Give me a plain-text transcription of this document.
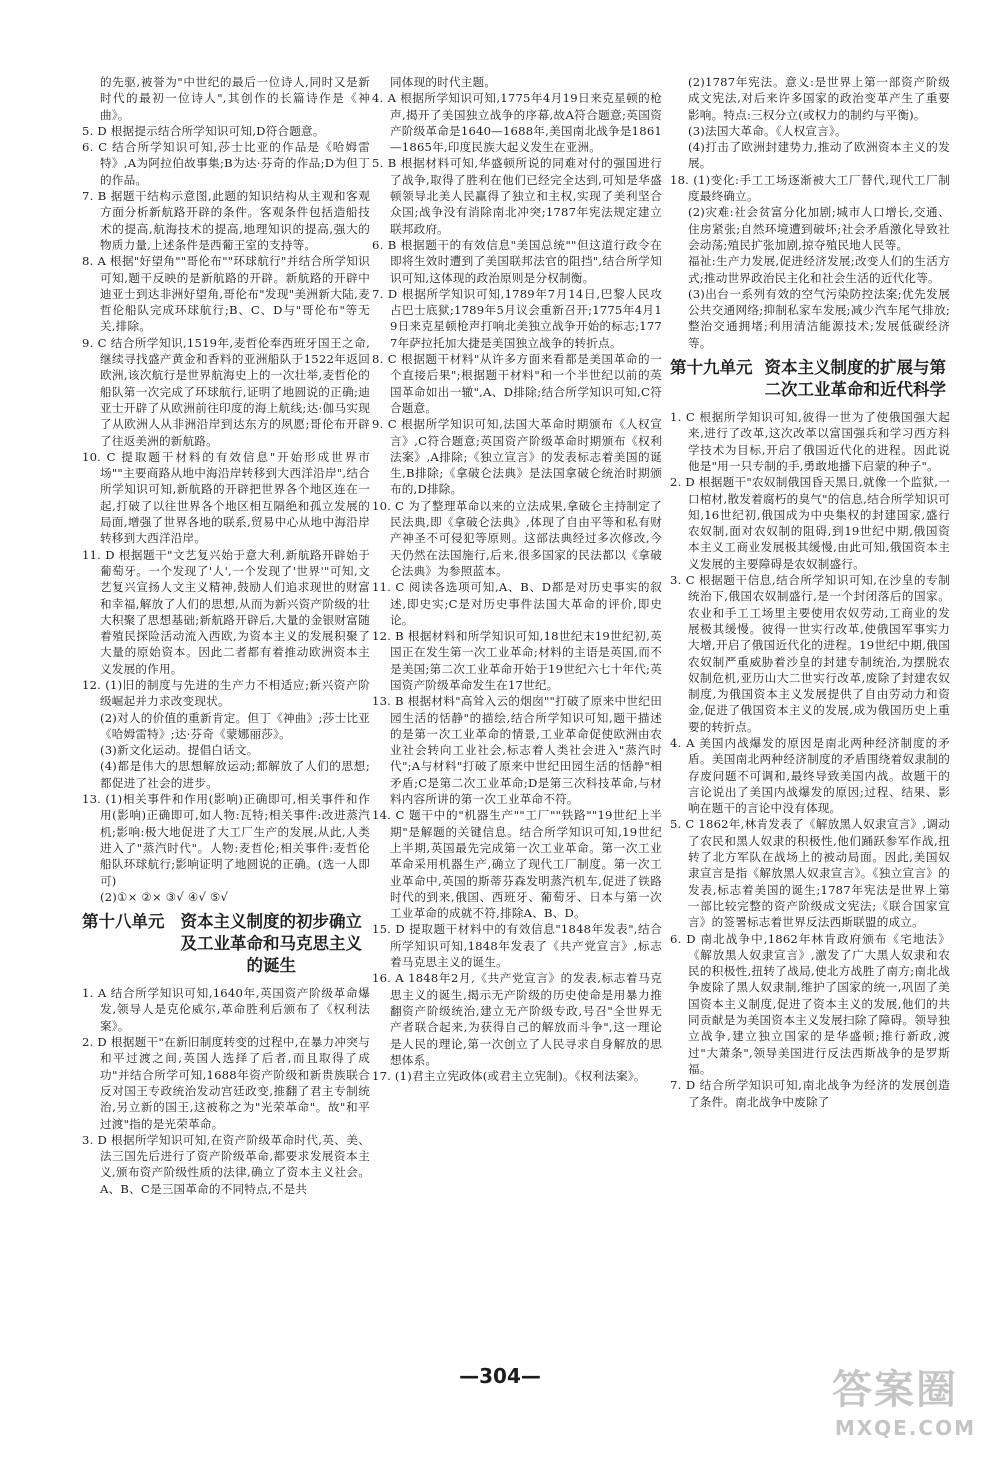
的先驱,被誉为"中世纪的最后一位诗人,同时又是新时代的最初一位诗人",其创作的长篇诗作是《神曲》。

5. D 根据提示结合所学知识可知,D符合题意。

6. C 结合所学知识可知,莎士比亚的作品是《哈姆雷特》,A为阿拉伯故事集;B为达·芬奇的作品;D为但丁的作品。

7. B 据题干结构示意图,此题的知识结构从主观和客观方面分析新航路开辟的条件。客观条件包括造船技术的提高,航海技术的提高,地理知识的提高,强大的物质力量,上述条件是西葡王室的支持等。

8. A 根据"好望角""哥伦布""环球航行"并结合所学知识可知,题干反映的是新航路的开辟。新航路的开辟中迪亚士到达非洲好望角,哥伦布"发现"美洲新大陆,麦哲伦船队完成环球航行;B、C、D与"哥伦布"等无关,排除。

9. C 结合所学知识,1519年,麦哲伦奉西班牙国王之命,继续寻找盛产黄金和香料的亚洲船队于1522年返回欧洲,该次航行是世界航海史上的一次壮举,麦哲伦的船队第一次完成了环球航行,证明了地圆说的正确;迪亚士开辟了从欧洲前往印度的海上航线;达·伽马实现了从欧洲人从非洲沿岸到达东方的夙愿;哥伦布开辟了往返美洲的新航路。

10. C 提取题干材料的有效信息"开始形成世界市场""主要商路从地中海沿岸转移到大西洋沿岸",结合所学知识可知,新航路的开辟把世界各个地区连在一起,打破了以往世界各个地区相互隔绝和孤立发展的局面,增强了世界各地的联系,贸易中心从地中海沿岸转移到大西洋沿岸。

11. D 根据题干"文艺复兴始于意大利,新航路开辟始于葡萄牙。一个发现了'人',一个发现了'世界'"可知,文艺复兴宣扬人文主义精神,鼓励人们追求现世的财富和幸福,解放了人们的思想,从而为新兴资产阶级的壮大积聚了思想基础;新航路开辟后,大量的金银财富随着殖民探险活动流入西欧,为资本主义的发展积聚了大量的原始资本。因此二者都有着推动欧洲资本主义发展的作用。

12. (1)旧的制度与先进的生产力不相适应;新兴资产阶级崛起并力求改变现状。

(2)对人的价值的重新肯定。但丁《神曲》;莎士比亚《哈姆雷特》;达·芬奇《蒙娜丽莎》。

(3)新文化运动。提倡白话文。

(4)都是伟大的思想解放运动;都解放了人们的思想;都促进了社会的进步。

13. (1)相关事件和作用(影响)正确即可,相关事件和作用(影响)正确即可,如人物:瓦特;相关事件:改进蒸汽机;影响:极大地促进了大工厂生产的发展,从此,人类进入了"蒸汽时代"。人物:麦哲伦;相关事件:麦哲伦船队环球航行;影响证明了地圆说的正确。(选一人即可)

(2)①× ②× ③√ ④√ ⑤√

第十八单元 资本主义制度的初步确立及工业革命和马克思主义的诞生

1. A 结合所学知识可知,1640年,英国资产阶级革命爆发,领导人是克伦威尔,革命胜利后颁布了《权利法案》。

2. D 根据题干"在新旧制度转变的过程中,在暴力冲突与和平过渡之间,英国人选择了后者,而且取得了成功"并结合所学可知,1688年资产阶级和新贵族联合反对国王专政统治发动宫廷政变,推翻了君主专制统治,另立新的国王,这被称之为"光荣革命"。故"和平过渡"指的是光荣革命。

3. D 根据所学知识可知,在资产阶级革命时代,英、美、法三国先后进行了资产阶级革命,都要求发展资本主义,颁布资产阶级性质的法律,确立了资本主义社会。A、B、C是三国革命的不同特点,不是共

同体现的时代主题。

4. A 根据所学知识可知,1775年4月19日来克星顿的枪声,揭开了美国独立战争的序幕,故A符合题意;英国资产阶级革命是1640—1688年,美国南北战争是1861—1865年,印度民族大起义发生在亚洲。

5. B 根据材料可知,华盛顿所说的同难对付的强国进行了战争,取得了胜利在他们已经完全达到,可知是华盛顿领导北美人民赢得了独立和主权,实现了美利坚合众国;战争没有消除南北冲突;1787年宪法规定建立联邦政府。

6. B 根据题干的有效信息"美国总统""但这道行政令在即将生效时遭到了美国联邦法官的阻挡",结合所学知识可知,这体现的政治原则是分权制衡。

7. D 根据所学知识可知,1789年7月14日,巴黎人民攻占巴士底狱;1789年5月议会重新召开;1775年4月19日来克星顿枪声打响北美独立战争开始的标志;1777年萨拉托加大捷是美国独立战争的转折点。

8. C 根据题干材料"从许多方面来看都是美国革命的一个直接后果";根据题干材料"和一个半世纪以前的英国革命如出一辙",A、D排除;结合所学知识可知,C符合题意。

9. C 根据所学知识可知,法国大革命时期颁布《人权宣言》,C符合题意;英国资产阶级革命时期颁布《权利法案》,A排除;《独立宣言》的发表标志着美国的诞生,B排除;《拿破仑法典》是法国拿破仑统治时期颁布的,D排除。

10. C 为了整理革命以来的立法成果,拿破仑主持制定了民法典,即《拿破仑法典》,体现了自由平等和私有财产神圣不可侵犯等原则。这部法典经过多次修改,今天仍然在法国施行,后来,很多国家的民法都以《拿破仑法典》为参照蓝本。

11. C 阅读各选项可知,A、B、D都是对历史事实的叙述,即史实;C是对历史事件法国大革命的评价,即史论。

12. B 根据材料和所学知识可知,18世纪末19世纪初,英国正在发生第一次工业革命;材料的主语是英国,而不是美国;第二次工业革命开始于19世纪六七十年代;英国资产阶级革命发生在17世纪。

13. B 根据材料"高耸入云的烟囱""打破了原来中世纪田园生活的恬静"的描绘,结合所学知识可知,题干描述的是第一次工业革命的情景,工业革命促使欧洲由农业社会转向工业社会,标志着人类社会进入"蒸汽时代";A与材料"打破了原来中世纪田园生活的恬静"相矛盾;C是第二次工业革命;D是第三次科技革命,与材料内容所讲的第一次工业革命不符。

14. C 题干中的"机器生产""工厂""铁路""19世纪上半期"是解题的关键信息。结合所学知识可知,19世纪上半期,英国最先完成第一次工业革命。第一次工业革命采用机器生产,确立了现代工厂制度。第一次工业革命中,英国的斯蒂芬森发明蒸汽机车,促进了铁路时代的到来,俄国、西班牙、葡萄牙、日本与第一次工业革命的成就不符,排除A、B、D。

15. D 提取题干材料中的有效信息"1848年发表",结合所学知识可知,1848年发表了《共产党宣言》,标志着马克思主义的诞生。

16. A 1848年2月,《共产党宣言》的发表,标志着马克思主义的诞生,揭示无产阶级的历史使命是用暴力推翻资产阶级统治,建立无产阶级专政,号召"全世界无产者联合起来,为获得自己的解放而斗争",这一理论是人民的理论,第一次创立了人民寻求自身解放的思想体系。

17. (1)君主立宪政体(或君主立宪制)。《权利法案》。

(2)1787年宪法。意义:是世界上第一部资产阶级成文宪法,对后来许多国家的政治变革产生了重要影响。特点:三权分立(或权力的制约与平衡)。

(3)法国大革命。《人权宣言》。

(4)打击了欧洲封建势力,推动了欧洲资本主义的发展。

18. (1)变化:手工工场逐渐被大工厂替代,现代工厂制度最终确立。

(2)灾难:社会贫富分化加剧;城市人口增长,交通、住房紧张;自然环境遭到破坏;社会矛盾激化导致社会动荡;殖民扩张加剧,掠夺殖民地人民等。

福祉:生产力发展,促进经济发展;改变人们的生活方式;推动世界政治民主化和社会生活的近代化等。

(3)出台一系列有效的空气污染防控法案;优先发展公共交通网络;抑制私家车发展;减少汽车尾气排放;整治交通拥堵;利用清洁能源技术;发展低碳经济等。

第十九单元 资本主义制度的扩展与第二次工业革命和近代科学

1. C 根据所学知识可知,彼得一世为了使俄国强大起来,进行了改革,这次改革以富国强兵和学习西方科学技术为目标,开启了俄国近代化的进程。因此说他是"用一只专制的手,勇敢地播下启蒙的种子"。

2. D 根据题干"农奴制俄国昏天黑日,就像一个监狱,一口棺材,散发着腐朽的臭气"的信息,结合所学知识可知,16世纪初,俄国成为中央集权的封建国家,盛行农奴制,面对农奴制的阻碍,到19世纪中期,俄国资本主义工商业发展极其缓慢,由此可知,俄国资本主义发展的主要障碍是农奴制盛行。

3. C 根据题干信息,结合所学知识可知,在沙皇的专制统治下,俄国农奴制盛行,是一个封闭落后的国家。农业和手工工场里主要使用农奴劳动,工商业的发展极其缓慢。彼得一世实行改革,使俄国军事实力大增,开启了俄国近代化的进程。19世纪中期,俄国农奴制严重威胁着沙皇的封建专制统治,为摆脱农奴制危机,亚历山大二世实行改革,废除了封建农奴制度,为俄国资本主义发展提供了自由劳动力和资金,促进了俄国资本主义的发展,成为俄国历史上重要的转折点。

4. A 美国内战爆发的原因是南北两种经济制度的矛盾。美国南北两种经济制度的矛盾围绕着奴隶制的存废问题不可调和,最终导致美国内战。故题干的言论说出了美国内战爆发的原因;过程、结果、影响在题干的言论中没有体现。

5. C 1862年,林肯发表了《解放黑人奴隶宣言》,调动了农民和黑人奴隶的积极性,他们踊跃参军作战,扭转了北方军队在战场上的被动局面。因此,美国奴隶宣言是指《解放黑人奴隶宣言》。《独立宣言》的发表,标志着美国的诞生;1787年宪法是世界上第一部比较完整的资产阶级成文宪法;《联合国家宣言》的签署标志着世界反法西斯联盟的成立。

6. D 南北战争中,1862年林肯政府颁布《宅地法》《解放黑人奴隶宣言》,激发了广大黑人奴隶和农民的积极性,扭转了战局,使北方战胜了南方;南北战争废除了黑人奴隶制,维护了国家的统一,巩固了美国资本主义制度,促进了资本主义的发展,他们的共同贡献是为美国资本主义发展扫除了障碍。领导独立战争,建立独立国家的是华盛顿;推行新政,渡过"大萧条",领导美国进行反法西斯战争的是罗斯福。

7. D 结合所学知识可知,南北战争为经济的发展创造了条件。南北战争中废除了

—304—	答案圈
MXQE.COM
